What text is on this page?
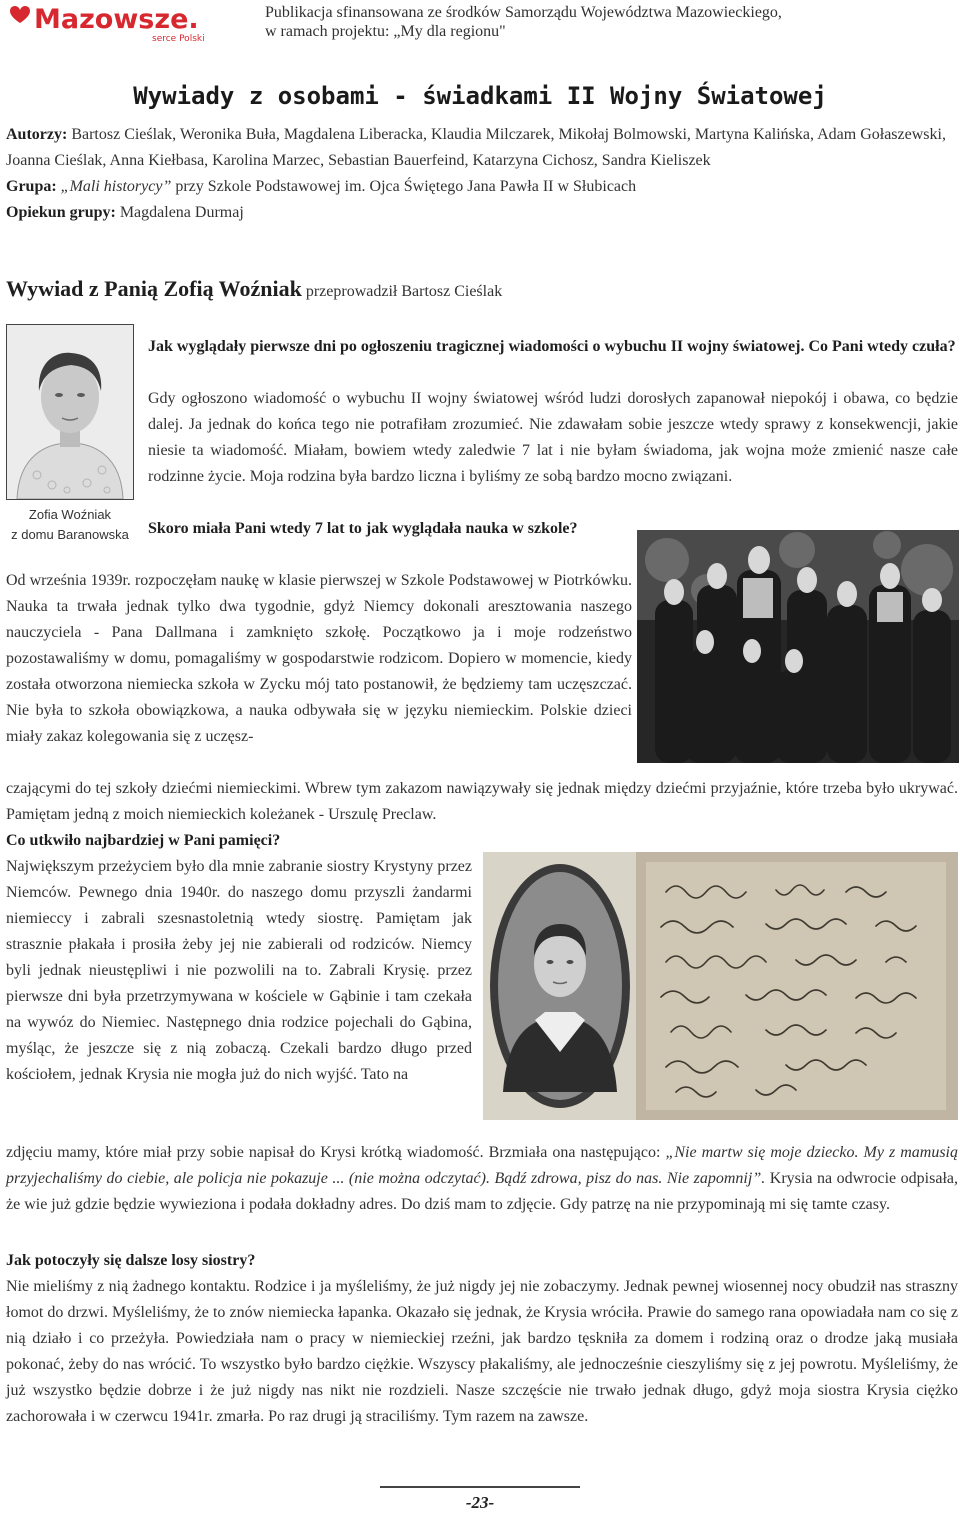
Mazowsze.
serce Polski
Publikacja sfinansowana ze środków Samorządu Województwa Mazowieckiego,
w ramach projektu: „My dla regionu"
Wywiady z osobami - świadkami II Wojny Światowej
Autorzy: Bartosz Cieślak, Weronika Buła, Magdalena Liberacka, Klaudia Milczarek, Mikołaj Bolmowski, Martyna Kalińska, Adam Gołaszewski, Joanna Cieślak, Anna Kiełbasa, Karolina Marzec, Sebastian Bauerfeind, Katarzyna Cichosz, Sandra Kieliszek
Grupa: „Mali historycy” przy Szkole Podstawowej im. Ojca Świętego Jana Pawła II w Słubicach
Opiekun grupy: Magdalena Durmaj
Wywiad z Panią Zofią Woźniak przeprowadził Bartosz Cieślak
Zofia Woźniak
z domu Baranowska

Jak wyglądały pierwsze dni po ogłoszeniu tragicznej wiadomości o wybuchu II wojny światowej. Co Pani wtedy czuła?

Gdy ogłoszono wiadomość o wybuchu II wojny światowej wśród ludzi dorosłych zapanował niepokój i obawa, co będzie dalej. Ja jednak do końca tego nie potrafiłam zrozumieć. Nie zdawałam sobie jeszcze wtedy sprawy z konsekwencji, jakie niesie ta wiadomość. Miałam, bowiem wtedy zaledwie 7 lat i nie byłam świadoma, jak wojna może zmienić nasze całe rodzinne życie. Moja rodzina była bardzo liczna i byliśmy ze sobą bardzo mocno związani.

Skoro miała Pani wtedy 7 lat to jak wyglądała nauka w szkole?

Od września 1939r. rozpoczęłam naukę w klasie pierwszej w Szkole Podstawowej w Piotrkówku. Nauka ta trwała jednak tylko dwa tygodnie, gdyż Niemcy dokonali aresztowania naszego nauczyciela - Pana Dallmana i zamknięto szkołę. Początkowo ja i moje rodzeństwo pozostawaliśmy w domu, pomagaliśmy w gospodarstwie rodzicom. Dopiero w momencie, kiedy została otworzona niemiecka szkoła w Zycku mój tato postanowił, że będziemy tam uczęszczać. Nie była to szkoła obowiązkowa, a nauka odbywała się w języku niemieckim. Polskie dzieci miały zakaz kolegowania się z uczęsz-

czającymi do tej szkoły dziećmi niemieckimi. Wbrew tym zakazom nawiązywały się jednak między dziećmi przyjaźnie, które trzeba było ukrywać. Pamiętam jedną z moich niemieckich koleżanek - Urszulę Preclaw.

Co utkwiło najbardziej w Pani pamięci?

Największym przeżyciem było dla mnie zabranie siostry Krystyny przez Niemców. Pewnego dnia 1940r. do naszego domu przyszli żandarmi niemieccy i zabrali szesnastoletnią wtedy siostrę. Pamiętam jak strasznie płakała i prosiła żeby jej nie zabierali od rodziców. Niemcy byli jednak nieustępliwi i nie pozwolili na to. Zabrali Krysię. przez pierwsze dni była przetrzymywana w kościele w Gąbinie i tam czekała na wywóz do Niemiec. Następnego dnia rodzice pojechali do Gąbina, myśląc, że jeszcze się z nią zobaczą. Czekali bardzo długo przed kościołem, jednak Krysia nie mogła już do nich wyjść. Tato na

zdjęciu mamy, które miał przy sobie napisał do Krysi krótką wiadomość. Brzmiała ona następująco: „Nie martw się moje dziecko. My z mamusią przyjechaliśmy do ciebie, ale policja nie pokazuje ... (nie można odczytać). Bądź zdrowa, pisz do nas. Nie zapomnij”. Krysia na odwrocie odpisała, że wie już gdzie będzie wywieziona i podała dokładny adres. Do dziś mam to zdjęcie. Gdy patrzę na nie przypominają mi się tamte czasy.

Jak potoczyły się dalsze losy siostry?

Nie mieliśmy z nią żadnego kontaktu. Rodzice i ja myśleliśmy, że już nigdy jej nie zobaczymy. Jednak pewnej wiosennej nocy obudził nas straszny łomot do drzwi. Myśleliśmy, że to znów niemiecka łapanka. Okazało się jednak, że Krysia wróciła. Prawie do samego rana opowiadała nam co się z nią działo i co przeżyła. Powiedziała nam o pracy w niemieckiej rzeźni, jak bardzo tęskniła za domem i rodziną oraz o drodze jaką musiała pokonać, żeby do nas wrócić. To wszystko było bardzo ciężkie. Wszyscy płakaliśmy, ale jednocześnie cieszyliśmy się z jej powrotu. Myśleliśmy, że już wszystko będzie dobrze i że już nigdy nas nikt nie rozdzieli. Nasze szczęście nie trwało jednak długo, gdyż moja siostra Krysia ciężko zachorowała i w czerwcu 1941r. zmarła. Po raz drugi ją straciliśmy. Tym razem na zawsze.

-23-
